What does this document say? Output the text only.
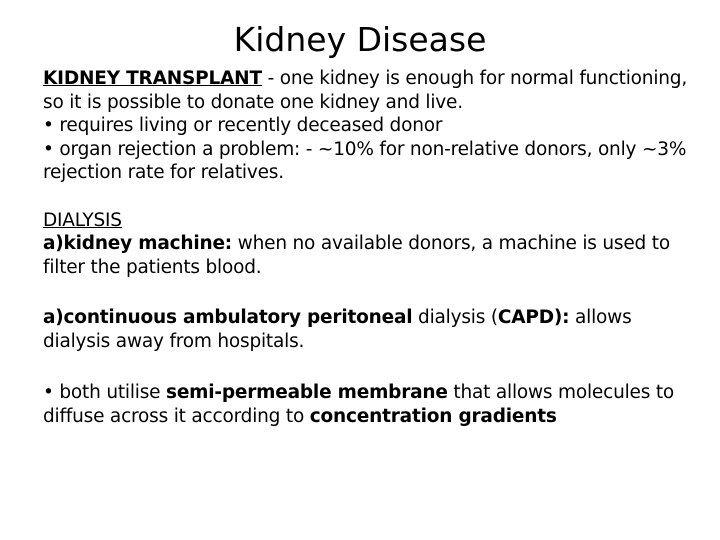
Kidney Disease

KIDNEY TRANSPLANT - one kidney is enough for normal functioning, so it is possible to donate one kidney and live.

• requires living or recently deceased donor

• organ rejection a problem: - ~10% for non-relative donors, only ~3% rejection rate for relatives.

DIALYSIS

a)kidney machine: when no available donors, a machine is used to filter the patients blood.

a)continuous ambulatory peritoneal dialysis (CAPD): allows dialysis away from hospitals.

• both utilise semi-permeable membrane that allows molecules to diffuse across it according to concentration gradients
